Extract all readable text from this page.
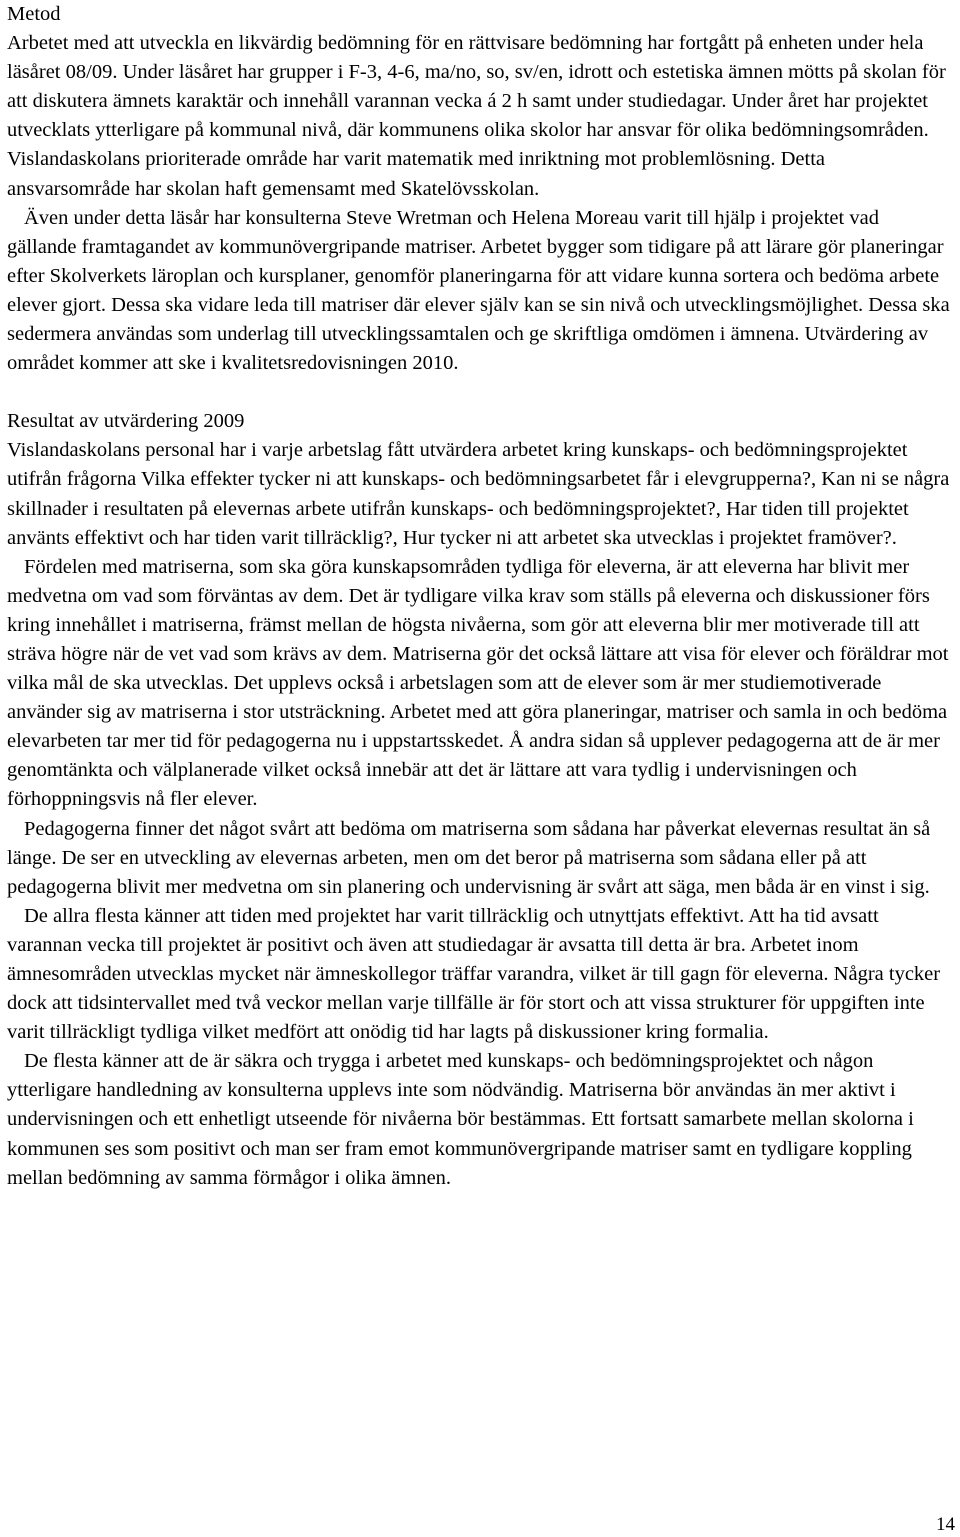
Metod

Arbetet med att utveckla en likvärdig bedömning för en rättvisare bedömning har fortgått på enheten under hela läsåret 08/09. Under läsåret har grupper i F-3, 4-6, ma/no, so, sv/en, idrott och estetiska ämnen mötts på skolan för att diskutera ämnets karaktär och innehåll varannan vecka á 2 h samt under studiedagar. Under året har projektet utvecklats ytterligare på kommunal nivå, där kommunens olika skolor har ansvar för olika bedömningsområden. Vislandaskolans prioriterade område har varit matematik med inriktning mot problemlösning. Detta ansvarsområde har skolan haft gemensamt med Skatelövsskolan.

Även under detta läsår har konsulterna Steve Wretman och Helena Moreau varit till hjälp i projektet vad gällande framtagandet av kommunövergripande matriser. Arbetet bygger som tidigare på att lärare gör planeringar efter Skolverkets läroplan och kursplaner, genomför planeringarna för att vidare kunna sortera och bedöma arbete elever gjort. Dessa ska vidare leda till matriser där elever själv kan se sin nivå och utvecklingsmöjlighet. Dessa ska sedermera användas som underlag till utvecklingssamtalen och ge skriftliga omdömen i ämnena. Utvärdering av området kommer att ske i kvalitetsredovisningen 2010.

Resultat av utvärdering 2009

Vislandaskolans personal har i varje arbetslag fått utvärdera arbetet kring kunskaps- och bedömningsprojektet utifrån frågorna Vilka effekter tycker ni att kunskaps- och bedömningsarbetet får i elevgrupperna?, Kan ni se några skillnader i resultaten på elevernas arbete utifrån kunskaps- och bedömningsprojektet?, Har tiden till projektet använts effektivt och har tiden varit tillräcklig?, Hur tycker ni att arbetet ska utvecklas i projektet framöver?.

Fördelen med matriserna, som ska göra kunskapsområden tydliga för eleverna, är att eleverna har blivit mer medvetna om vad som förväntas av dem. Det är tydligare vilka krav som ställs på eleverna och diskussioner förs kring innehållet i matriserna, främst mellan de högsta nivåerna, som gör att eleverna blir mer motiverade till att sträva högre när de vet vad som krävs av dem. Matriserna gör det också lättare att visa för elever och föräldrar mot vilka mål de ska utvecklas. Det upplevs också i arbetslagen som att de elever som är mer studiemotiverade använder sig av matriserna i stor utsträckning. Arbetet med att göra planeringar, matriser och samla in och bedöma elevarbeten tar mer tid för pedagogerna nu i uppstartsskedet. Å andra sidan så upplever pedagogerna att de är mer genomtänkta och välplanerade vilket också innebär att det är lättare att vara tydlig i undervisningen och förhoppningsvis nå fler elever.

Pedagogerna finner det något svårt att bedöma om matriserna som sådana har påverkat elevernas resultat än så länge. De ser en utveckling av elevernas arbeten, men om det beror på matriserna som sådana eller på att pedagogerna blivit mer medvetna om sin planering och undervisning är svårt att säga, men båda är en vinst i sig.

De allra flesta känner att tiden med projektet har varit tillräcklig och utnyttjats effektivt. Att ha tid avsatt varannan vecka till projektet är positivt och även att studiedagar är avsatta till detta är bra. Arbetet inom ämnesområden utvecklas mycket när ämneskollegor träffar varandra, vilket är till gagn för eleverna. Några tycker dock att tidsintervallet med två veckor mellan varje tillfälle är för stort och att vissa strukturer för uppgiften inte varit tillräckligt tydliga vilket medfört att onödig tid har lagts på diskussioner kring formalia.

De flesta känner att de är säkra och trygga i arbetet med kunskaps- och bedömningsprojektet och någon ytterligare handledning av konsulterna upplevs inte som nödvändig. Matriserna bör användas än mer aktivt i undervisningen och ett enhetligt utseende för nivåerna bör bestämmas. Ett fortsatt samarbete mellan skolorna i kommunen ses som positivt och man ser fram emot kommunövergripande matriser samt en tydligare koppling mellan bedömning av samma förmågor i olika ämnen.

14
